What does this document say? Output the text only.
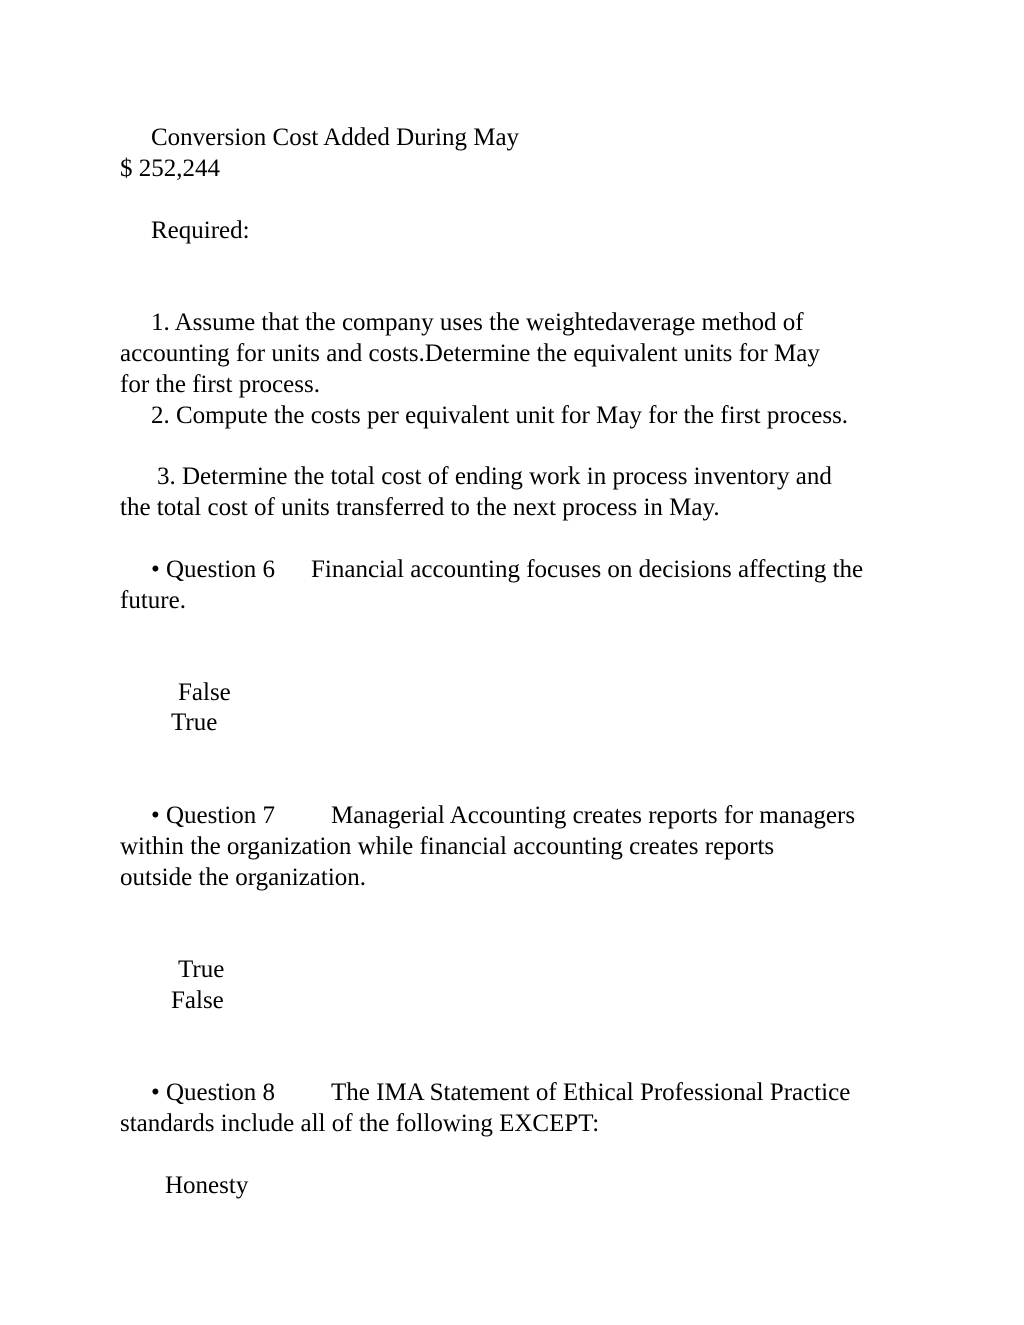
Conversion Cost Added During May

$ 252,244

Required:

1. Assume that the company uses the weightedaverage method of

accounting for units and costs.Determine the equivalent units for May

for the first process.

2. Compute the costs per equivalent unit for May for the first process.

3. Determine the total cost of ending work in process inventory and

the total cost of units transferred to the next process in May.

• Question 6 Financial accounting focuses on decisions affecting the

future.

False

True

• Question 7 Managerial Accounting creates reports for managers

within the organization while financial accounting creates reports

outside the organization.

True

False

• Question 8 The IMA Statement of Ethical Professional Practice

standards include all of the following EXCEPT:

Honesty
